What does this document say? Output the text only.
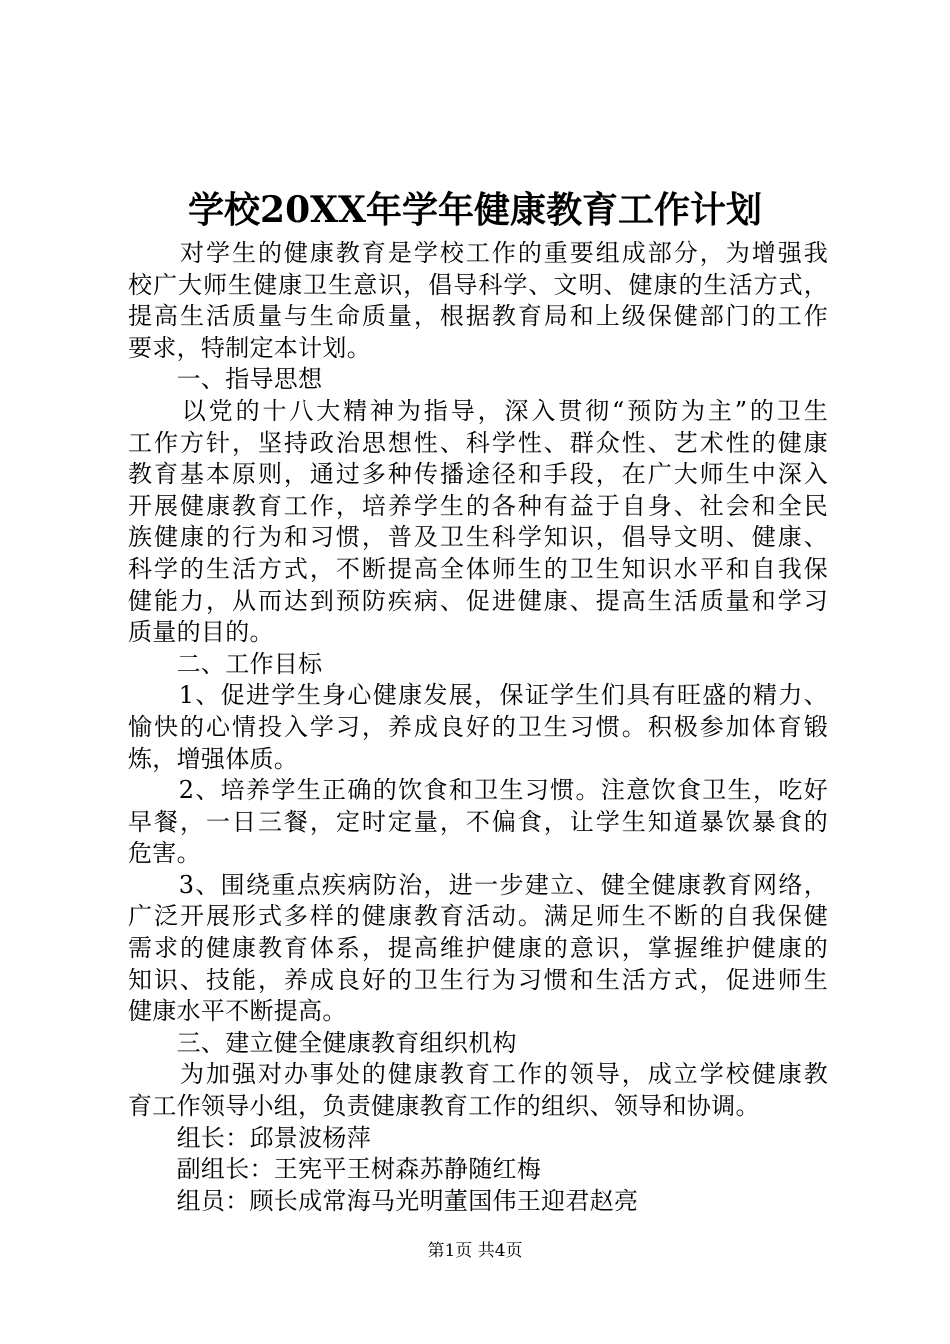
学校20XX年学年健康教育工作计划
　　对学生的健康教育是学校工作的重要组成部分，为增强我
校广大师生健康卫生意识，倡导科学、文明、健康的生活方式，
提高生活质量与生命质量，根据教育局和上级保健部门的工作
要求，特制定本计划。
　　一、指导思想
　　以党的十八大精神为指导，深入贯彻“预防为主”的卫生
工作方针，坚持政治思想性、科学性、群众性、艺术性的健康
教育基本原则，通过多种传播途径和手段，在广大师生中深入
开展健康教育工作，培养学生的各种有益于自身、社会和全民
族健康的行为和习惯，普及卫生科学知识，倡导文明、健康、
科学的生活方式，不断提高全体师生的卫生知识水平和自我保
健能力，从而达到预防疾病、促进健康、提高生活质量和学习
质量的目的。
　　二、工作目标
　　1、促进学生身心健康发展，保证学生们具有旺盛的精力、
愉快的心情投入学习，养成良好的卫生习惯。积极参加体育锻
炼，增强体质。
　　2、培养学生正确的饮食和卫生习惯。注意饮食卫生，吃好
早餐，一日三餐，定时定量，不偏食，让学生知道暴饮暴食的
危害。
　　3、围绕重点疾病防治，进一步建立、健全健康教育网络，
广泛开展形式多样的健康教育活动。满足师生不断的自我保健
需求的健康教育体系，提高维护健康的意识，掌握维护健康的
知识、技能，养成良好的卫生行为习惯和生活方式，促进师生
健康水平不断提高。
　　三、建立健全健康教育组织机构
　　为加强对办事处的健康教育工作的领导，成立学校健康教
育工作领导小组，负责健康教育工作的组织、领导和协调。
　　组长：邱景波杨萍
　　副组长：王宪平王树森苏静随红梅
　　组员：顾长成常海马光明董国伟王迎君赵亮
第1页 共4页
